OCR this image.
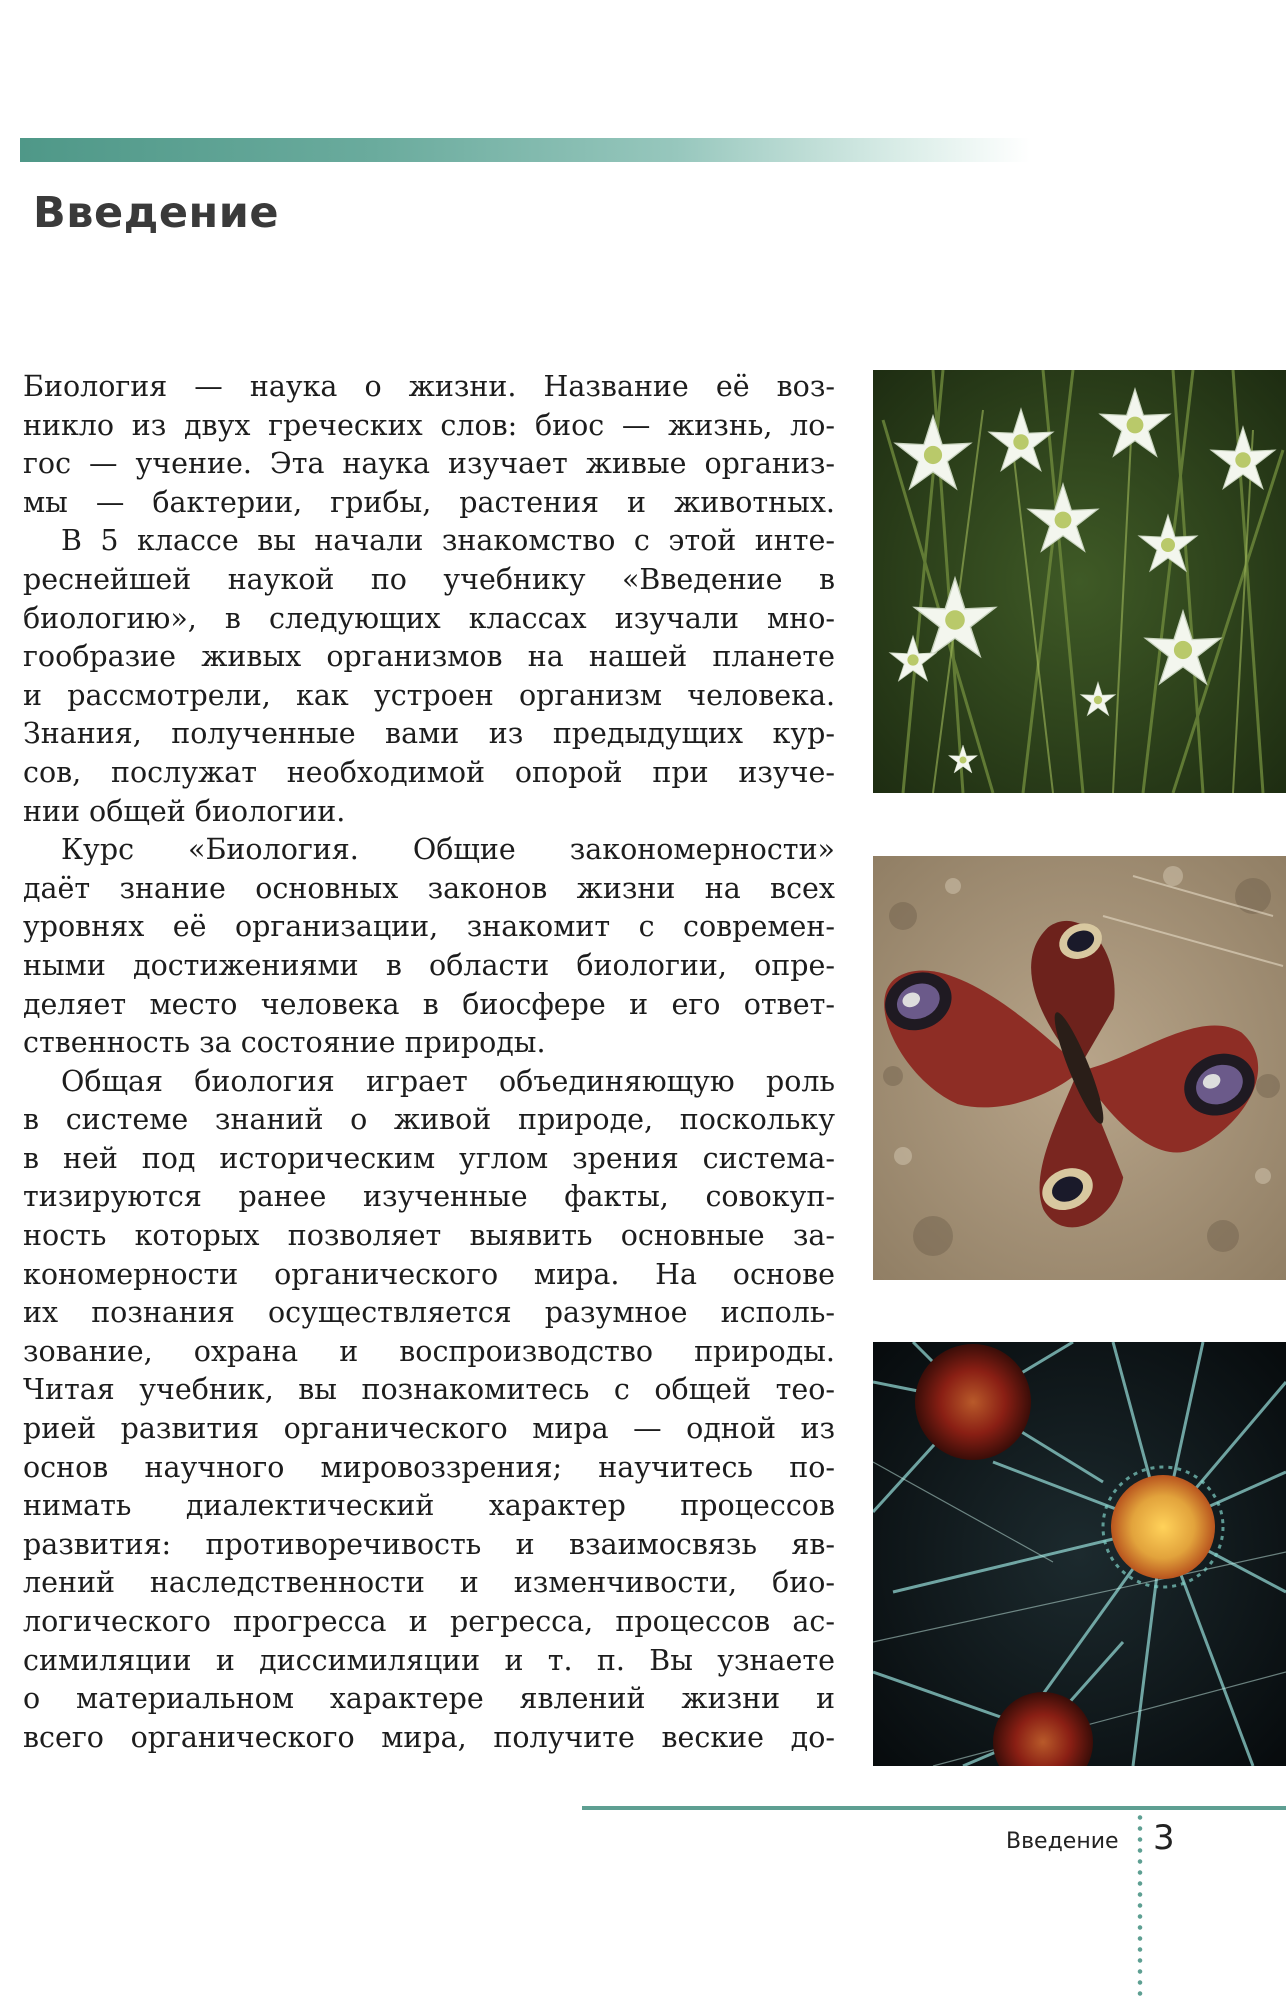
Введение

Биология — наука о жизни. Название её воз-
никло из двух греческих слов: биос — жизнь, ло-
гос — учение. Эта наука изучает живые организ-
мы — бактерии, грибы, растения и животных.

В 5 классе вы начали знакомство с этой инте-
реснейшей наукой по учебнику «Введение в
биологию», в следующих классах изучали мно-
гообразие живых организмов на нашей планете
и рассмотрели, как устроен организм человека.
Знания, полученные вами из предыдущих кур-
сов, послужат необходимой опорой при изуче-
нии общей биологии.

Курс «Биология. Общие закономерности»
даёт знание основных законов жизни на всех
уровнях её организации, знакомит с современ-
ными достижениями в области биологии, опре-
деляет место человека в биосфере и его ответ-
ственность за состояние природы.

Общая биология играет объединяющую роль
в системе знаний о живой природе, поскольку
в ней под историческим углом зрения система-
тизируются ранее изученные факты, совокуп-
ность которых позволяет выявить основные за-
кономерности органического мира. На основе
их познания осуществляется разумное исполь-
зование, охрана и воспроизводство природы.
Читая учебник, вы познакомитесь с общей тео-
рией развития органического мира — одной из
основ научного мировоззрения; научитесь по-
нимать диалектический характер процессов
развития: противоречивость и взаимосвязь яв-
лений наследственности и изменчивости, био-
логического прогресса и регресса, процессов ас-
симиляции и диссимиляции и т. п. Вы узнаете
о материальном характере явлений жизни и
всего органического мира, получите веские до-

Введение 3
